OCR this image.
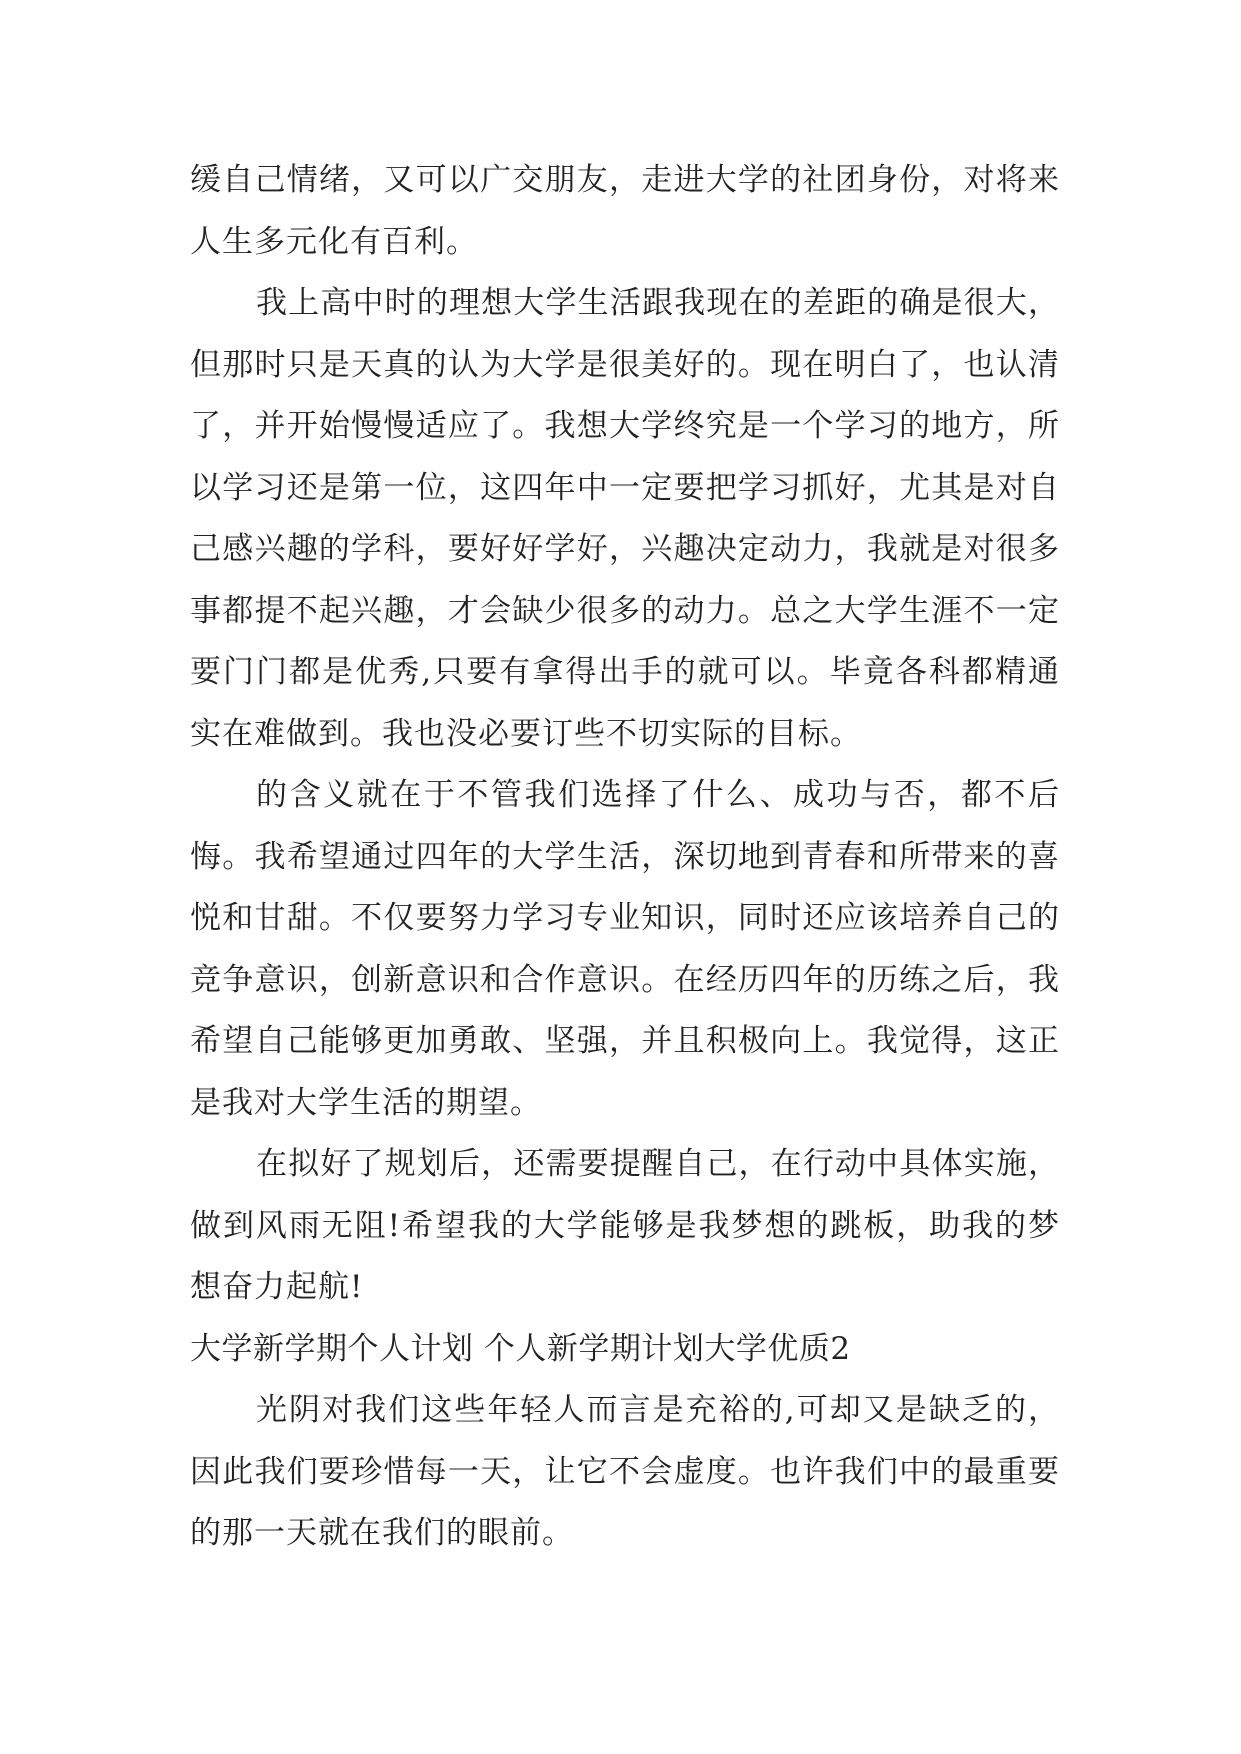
缓自己情绪，又可以广交朋友，走进大学的社团身份，对将来人生多元化有百利。

我上高中时的理想大学生活跟我现在的差距的确是很大，但那时只是天真的认为大学是很美好的。现在明白了，也认清了，并开始慢慢适应了。我想大学终究是一个学习的地方，所以学习还是第一位，这四年中一定要把学习抓好，尤其是对自己感兴趣的学科，要好好学好，兴趣决定动力，我就是对很多事都提不起兴趣，才会缺少很多的动力。总之大学生涯不一定要门门都是优秀,只要有拿得出手的就可以。毕竟各科都精通实在难做到。我也没必要订些不切实际的目标。

的含义就在于不管我们选择了什么、成功与否，都不后悔。我希望通过四年的大学生活，深切地到青春和所带来的喜悦和甘甜。不仅要努力学习专业知识，同时还应该培养自己的竞争意识，创新意识和合作意识。在经历四年的历练之后，我希望自己能够更加勇敢、坚强，并且积极向上。我觉得，这正是我对大学生活的期望。

在拟好了规划后，还需要提醒自己，在行动中具体实施，做到风雨无阻!希望我的大学能够是我梦想的跳板，助我的梦想奋力起航!

大学新学期个人计划 个人新学期计划大学优质2

光阴对我们这些年轻人而言是充裕的,可却又是缺乏的，因此我们要珍惜每一天，让它不会虚度。也许我们中的最重要的那一天就在我们的眼前。
